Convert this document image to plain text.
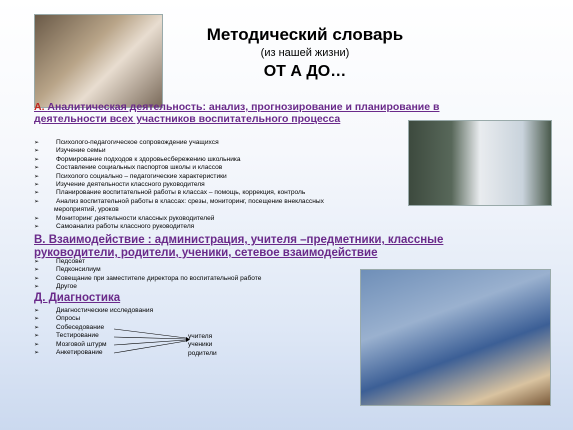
Методический словарь
(из нашей жизни)
ОТ А ДО…
А. Аналитическая деятельность: анализ, прогнозирование и планирование в деятельности всех участников воспитательного процесса
➢	Психолого-педагогическое сопровождение учащихся
➢	Изучение семьи
➢	Формирование подходов к здоровьесбережению школьника
➢	Составление социальных паспортов школы и классов
➢	Психолого социально – педагогические характеристики
➢	Изучение деятельности классного руководителя
➢	Планирование воспитательной работы в классах – помощь, коррекция, контроль
➢	Анализ воспитательной работы в классах: срезы, мониторинг, посещение внеклассных
мероприятий, уроков
➢	Мониторинг деятельности классных руководителей
➢	Самоанализ работы классного руководителя
В. Взаимодействие : администрация, учителя –предметники, классные руководители, родители, ученики, сетевое взаимодействие
➢	Педсовет
➢	Педконсилиум
➢	Совещание при заместителе директора по воспитательной работе
➢	Другое
Д. Диагностика
➢	Диагностические исследования
➢	Опросы
➢	Собеседование
➢	Тестирование
➢	Мозговой штурм
➢	Анкетирование
учителя
ученики
родители
